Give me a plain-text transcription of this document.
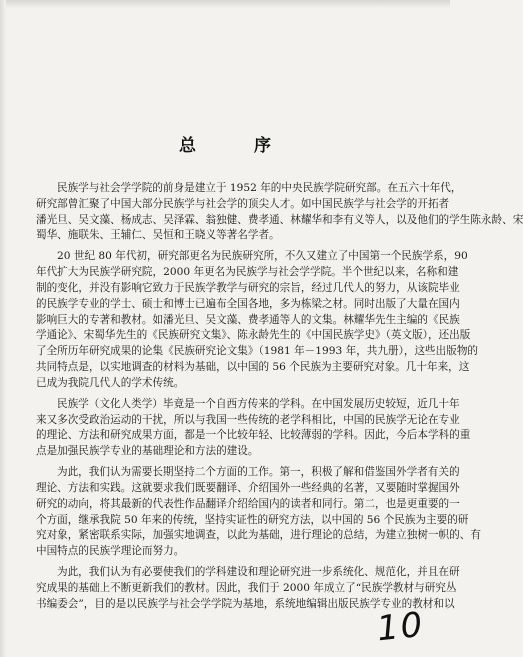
总 序
民族学与社会学学院的前身是建立于 1952 年的中央民族学院研究部。在五六十年代，
研究部曾汇聚了中国大部分民族学与社会学的顶尖人才。如中国民族学与社会学的开拓者
潘光旦、吴文藻、杨成志、吴泽霖、翁独健、费孝通、林耀华和李有义等人，以及他们的学生陈永龄、宋
蜀华、施联朱、王辅仁、吴恒和王晓义等著名学者。
20 世纪 80 年代初，研究部更名为民族研究所，不久又建立了中国第一个民族学系，90
年代扩大为民族学研究院，2000 年更名为民族学与社会学学院。半个世纪以来，名称和建
制的变化，并没有影响它致力于民族学教学与研究的宗旨，经过几代人的努力，从该院毕业
的民族学专业的学士、硕士和博士已遍布全国各地，多为栋梁之材。同时出版了大量在国内
影响巨大的专著和教材。如潘光旦、吴文藻、费孝通等人的文集。林耀华先生主编的《民族
学通论》、宋蜀华先生的《民族研究文集》、陈永龄先生的《中国民族学史》（英文版），还出版
了全所历年研究成果的论集《民族研究论文集》（1981 年－1993 年，共九册），这些出版物的
共同特点是，以实地调查的材料为基础，以中国的 56 个民族为主要研究对象。几十年来，这
已成为我院几代人的学术传统。
民族学（文化人类学）毕竟是一个自西方传来的学科。在中国发展历史较短，近几十年
来又多次受政治运动的干扰，所以与我国一些传统的老学科相比，中国的民族学无论在专业
的理论、方法和研究成果方面，都是一个比较年轻、比较薄弱的学科。因此，今后本学科的重
点是加强民族学专业的基础理论和方法的建设。
为此，我们认为需要长期坚持二个方面的工作。第一，积极了解和借鉴国外学者有关的
理论、方法和实践。这就要求我们既要翻译、介绍国外一些经典的名著，又要随时掌握国外
研究的动向，将其最新的代表性作品翻译介绍给国内的读者和同行。第二，也是更重要的一
个方面，继承我院 50 年来的传统，坚持实证性的研究方法，以中国的 56 个民族为主要的研
究对象，紧密联系实际，加强实地调查，以此为基础，进行理论的总结，为建立独树一帜的、有
中国特点的民族学理论而努力。
为此，我们认为有必要使我们的学科建设和理论研究进一步系统化、规范化，并且在研
究成果的基础上不断更新我们的教材。因此，我们于 2000 年成立了“民族学教材与研究丛
书编委会”，目的是以民族学与社会学学院为基地，系统地编辑出版民族学专业的教材和以
10
